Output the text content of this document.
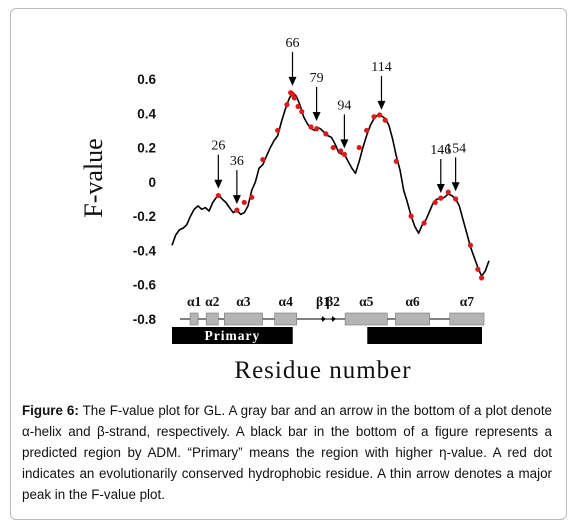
0.6
0.4
0.2
0
-0.2
-0.4
-0.6
-0.8
F-value
α1 α2 α3 α4 β1
β2 α5 α6	α7
Primary
26
36
66
79
94
114
146
154
Residue number
Figure 6: The F-value plot for GL. A gray bar and an arrow in the bottom of a plot denote α-helix and β-strand, respectively. A black bar in the bottom of a figure represents a predicted region by ADM. “Primary” means the region with higher η-value. A red dot indicates an evolutionarily conserved hydrophobic residue. A thin arrow denotes a major peak in the F-value plot.
